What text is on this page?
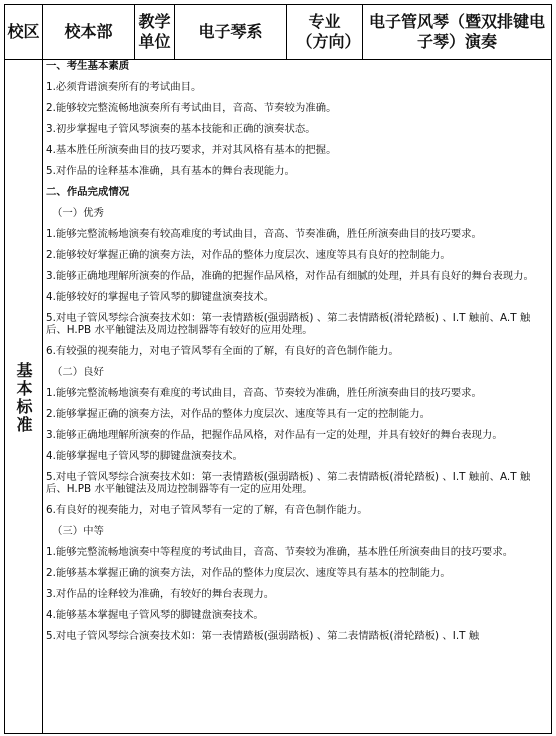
校区 校本部
教学单位
电子琴系
专业（方向）
电子管风琴（暨双排键电子琴）演奏
基本标准

一、考生基本素质

1.必须背谱演奏所有的考试曲目。

2.能够较完整流畅地演奏所有考试曲目，音高、节奏较为准确。

3.初步掌握电子管风琴演奏的基本技能和正确的演奏状态。

4.基本胜任所演奏曲目的技巧要求，并对其风格有基本的把握。

5.对作品的诠释基本准确，具有基本的舞台表现能力。

二、作品完成情况

（一）优秀

1.能够完整流畅地演奏有较高难度的考试曲目，音高、节奏准确，胜任所演奏曲目的技巧要求。

2.能够较好掌握正确的演奏方法，对作品的整体力度层次、速度等具有良好的控制能力。

3.能够正确地理解所演奏的作品，准确的把握作品风格，对作品有细腻的处理，并具有良好的舞台表现力。

4.能够较好的掌握电子管风琴的脚键盘演奏技术。

5.对电子管风琴综合演奏技术如：第一表情踏板(强弱踏板) 、第二表情踏板(滑轮踏板) 、I.T 触前、A.T 触后、H.PB 水平触键法及周边控制器等有较好的应用处理。

6.有较强的视奏能力，对电子管风琴有全面的了解，有良好的音色制作能力。

（二）良好

1.能够完整流畅地演奏有难度的考试曲目，音高、节奏较为准确，胜任所演奏曲目的技巧要求。

2.能够掌握正确的演奏方法，对作品的整体力度层次、速度等具有一定的控制能力。

3.能够正确地理解所演奏的作品，把握作品风格，对作品有一定的处理，并具有较好的舞台表现力。

4.能够掌握电子管风琴的脚键盘演奏技术。

5.对电子管风琴综合演奏技术如：第一表情踏板(强弱踏板) 、第二表情踏板(滑轮踏板) 、I.T 触前、A.T 触后、H.PB 水平触键法及周边控制器等有一定的应用处理。

6.有良好的视奏能力，对电子管风琴有一定的了解，有音色制作能力。

（三）中等

1.能够完整流畅地演奏中等程度的考试曲目，音高、节奏较为准确，基本胜任所演奏曲目的技巧要求。

2.能够基本掌握正确的演奏方法，对作品的整体力度层次、速度等具有基本的控制能力。

3.对作品的诠释较为准确，有较好的舞台表现力。

4.能够基本掌握电子管风琴的脚键盘演奏技术。

5.对电子管风琴综合演奏技术如：第一表情踏板(强弱踏板) 、第二表情踏板(滑轮踏板) 、I.T 触
